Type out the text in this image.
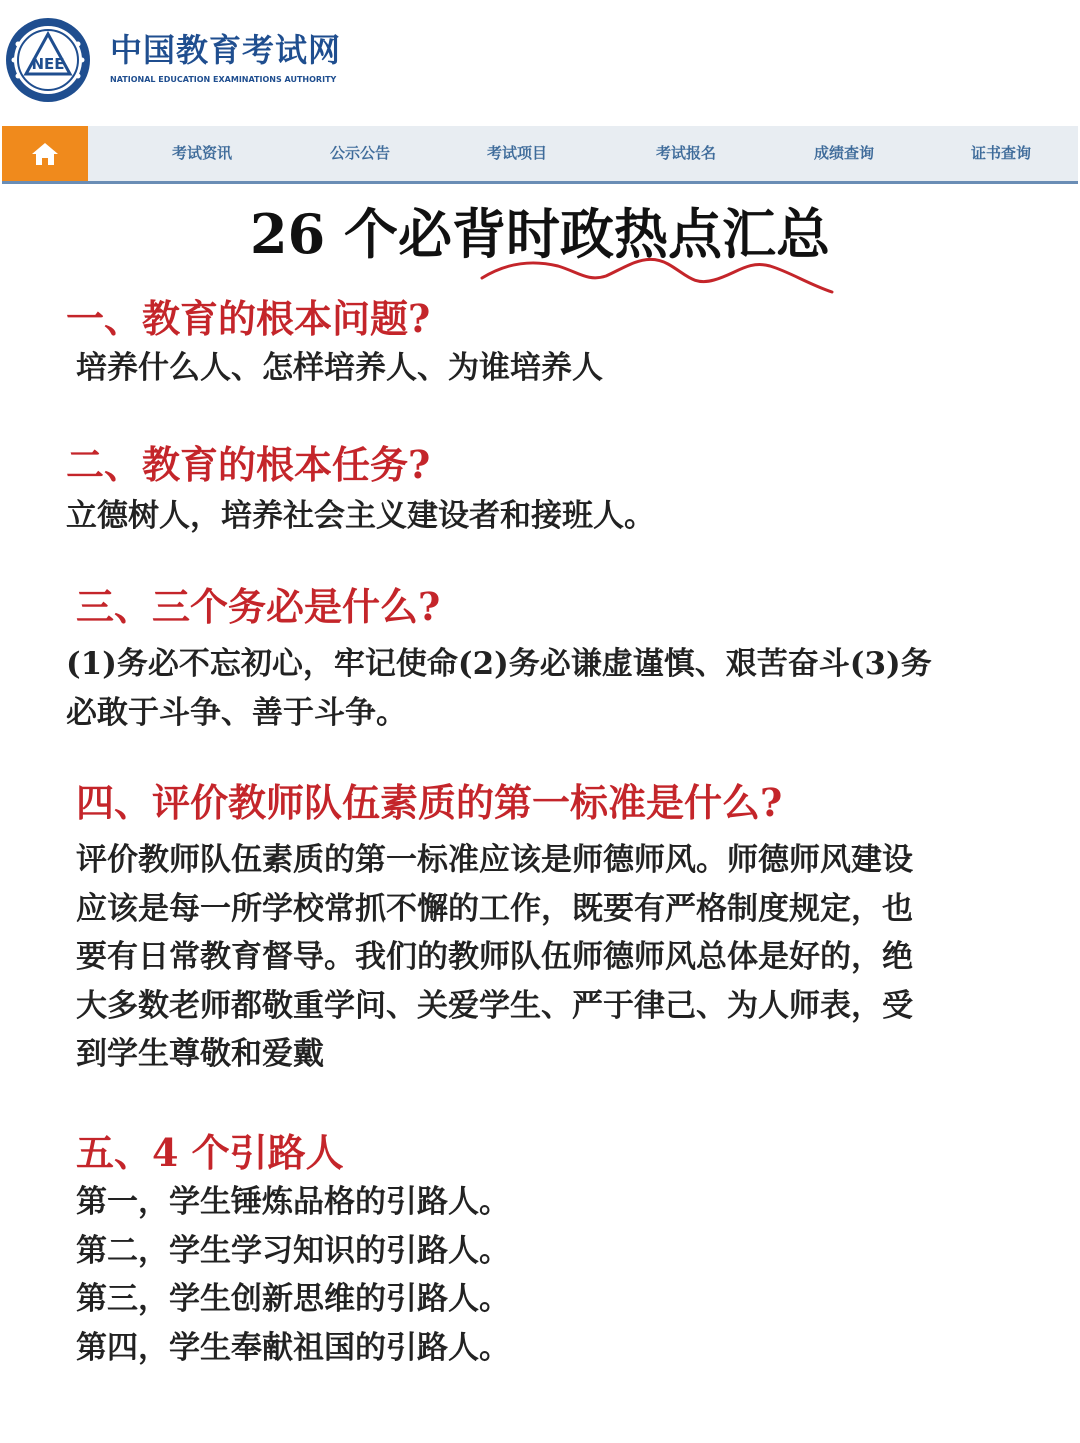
NEE 中国教育考试网
NATIONAL EDUCATION EXAMINATIONS AUTHORITY
考试资讯	公示公告	考试项目	考试报名	成绩查询	证书查询
26 个必背时政热点汇总
一、教育的根本问题?
培养什么人、怎样培养人、为谁培养人
二、教育的根本任务?
立德树人，培养社会主义建设者和接班人。
三、三个务必是什么?
(1)务必不忘初心，牢记使命(2)务必谦虚谨慎、艰苦奋斗(3)务
必敢于斗争、善于斗争。
四、评价教师队伍素质的第一标准是什么?
评价教师队伍素质的第一标准应该是师德师风。师德师风建设
应该是每一所学校常抓不懈的工作，既要有严格制度规定，也
要有日常教育督导。我们的教师队伍师德师风总体是好的，绝
大多数老师都敬重学问、关爱学生、严于律己、为人师表，受
到学生尊敬和爱戴
五、4 个引路人
第一，学生锤炼品格的引路人。
第二，学生学习知识的引路人。
第三，学生创新思维的引路人。
第四，学生奉献祖国的引路人。
